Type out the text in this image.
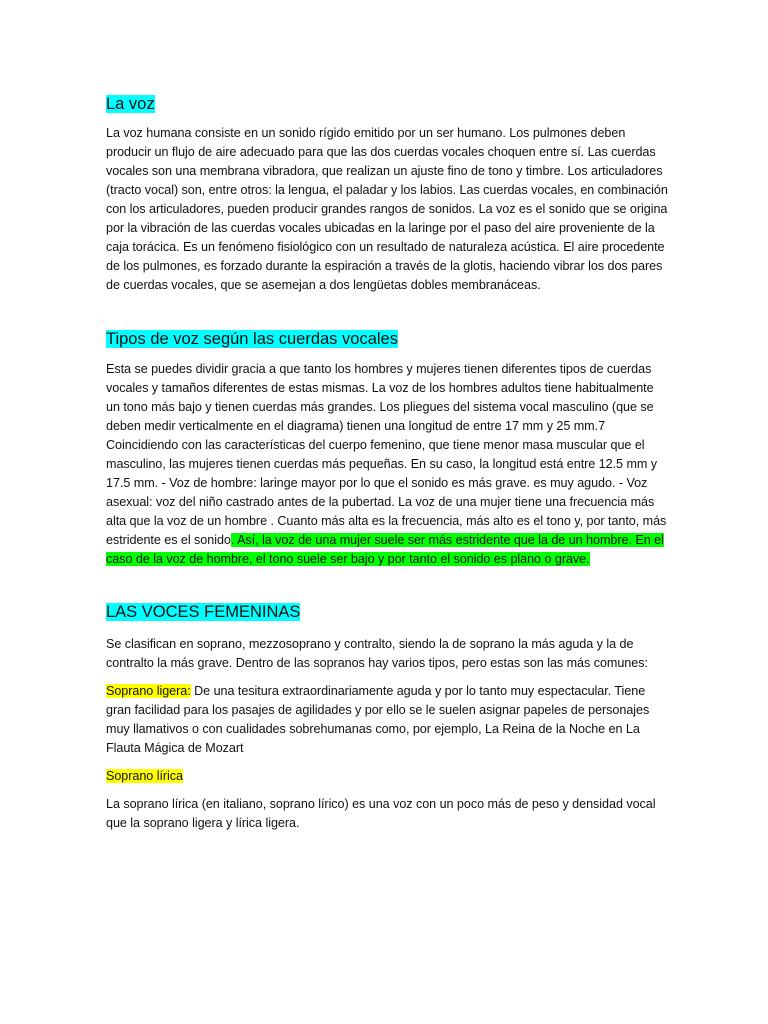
La voz

La voz humana consiste en un sonido rígido emitido por un ser humano. Los pulmones deben producir un flujo de aire adecuado para que las dos cuerdas vocales choquen entre sí. Las cuerdas vocales son una membrana vibradora, que realizan un ajuste fino de tono y timbre. Los articuladores (tracto vocal) son, entre otros: la lengua, el paladar y los labios. Las cuerdas vocales, en combinación con los articuladores, pueden producir grandes rangos de sonidos. La voz es el sonido que se origina por la vibración de las cuerdas vocales ubicadas en la laringe por el paso del aire proveniente de la caja torácica. Es un fenómeno fisiológico con un resultado de naturaleza acústica. El aire procedente de los pulmones, es forzado durante la espiración a través de la glotis, haciendo vibrar los dos pares de cuerdas vocales, que se asemejan a dos lengüetas dobles membranáceas.

Tipos de voz según las cuerdas vocales

Esta se puedes dividir gracia a que tanto los hombres y mujeres tienen diferentes tipos de cuerdas vocales y tamaños diferentes de estas mismas. La voz de los hombres adultos tiene habitualmente un tono más bajo y tienen cuerdas más grandes. Los pliegues del sistema vocal masculino (que se deben medir verticalmente en el diagrama) tienen una longitud de entre 17 mm y 25 mm.7 Coincidiendo con las características del cuerpo femenino, que tiene menor masa muscular que el masculino, las mujeres tienen cuerdas más pequeñas. En su caso, la longitud está entre 12.5 mm y 17.5 mm. - Voz de hombre: laringe mayor por lo que el sonido es más grave. es muy agudo. - Voz asexual: voz del niño castrado antes de la pubertad. La voz de una mujer tiene una frecuencia más alta que la voz de un hombre . Cuanto más alta es la frecuencia, más alto es el tono y, por tanto, más estridente es el sonido. Así, la voz de una mujer suele ser más estridente que la de un hombre. En el caso de la voz de hombre, el tono suele ser bajo y por tanto el sonido es plano o grave.

LAS VOCES FEMENINAS

Se clasifican en soprano, mezzosoprano y contralto, siendo la de soprano la más aguda y la de contralto la más grave. Dentro de las sopranos hay varios tipos, pero estas son las más comunes:

Soprano ligera: De una tesitura extraordinariamente aguda y por lo tanto muy espectacular. Tiene gran facilidad para los pasajes de agilidades y por ello se le suelen asignar papeles de personajes muy llamativos o con cualidades sobrehumanas como, por ejemplo, La Reina de la Noche en La Flauta Mágica de Mozart

Soprano lírica

La soprano lírica (en italiano, soprano lírico) es una voz con un poco más de peso y densidad vocal que la soprano ligera y lírica ligera.
